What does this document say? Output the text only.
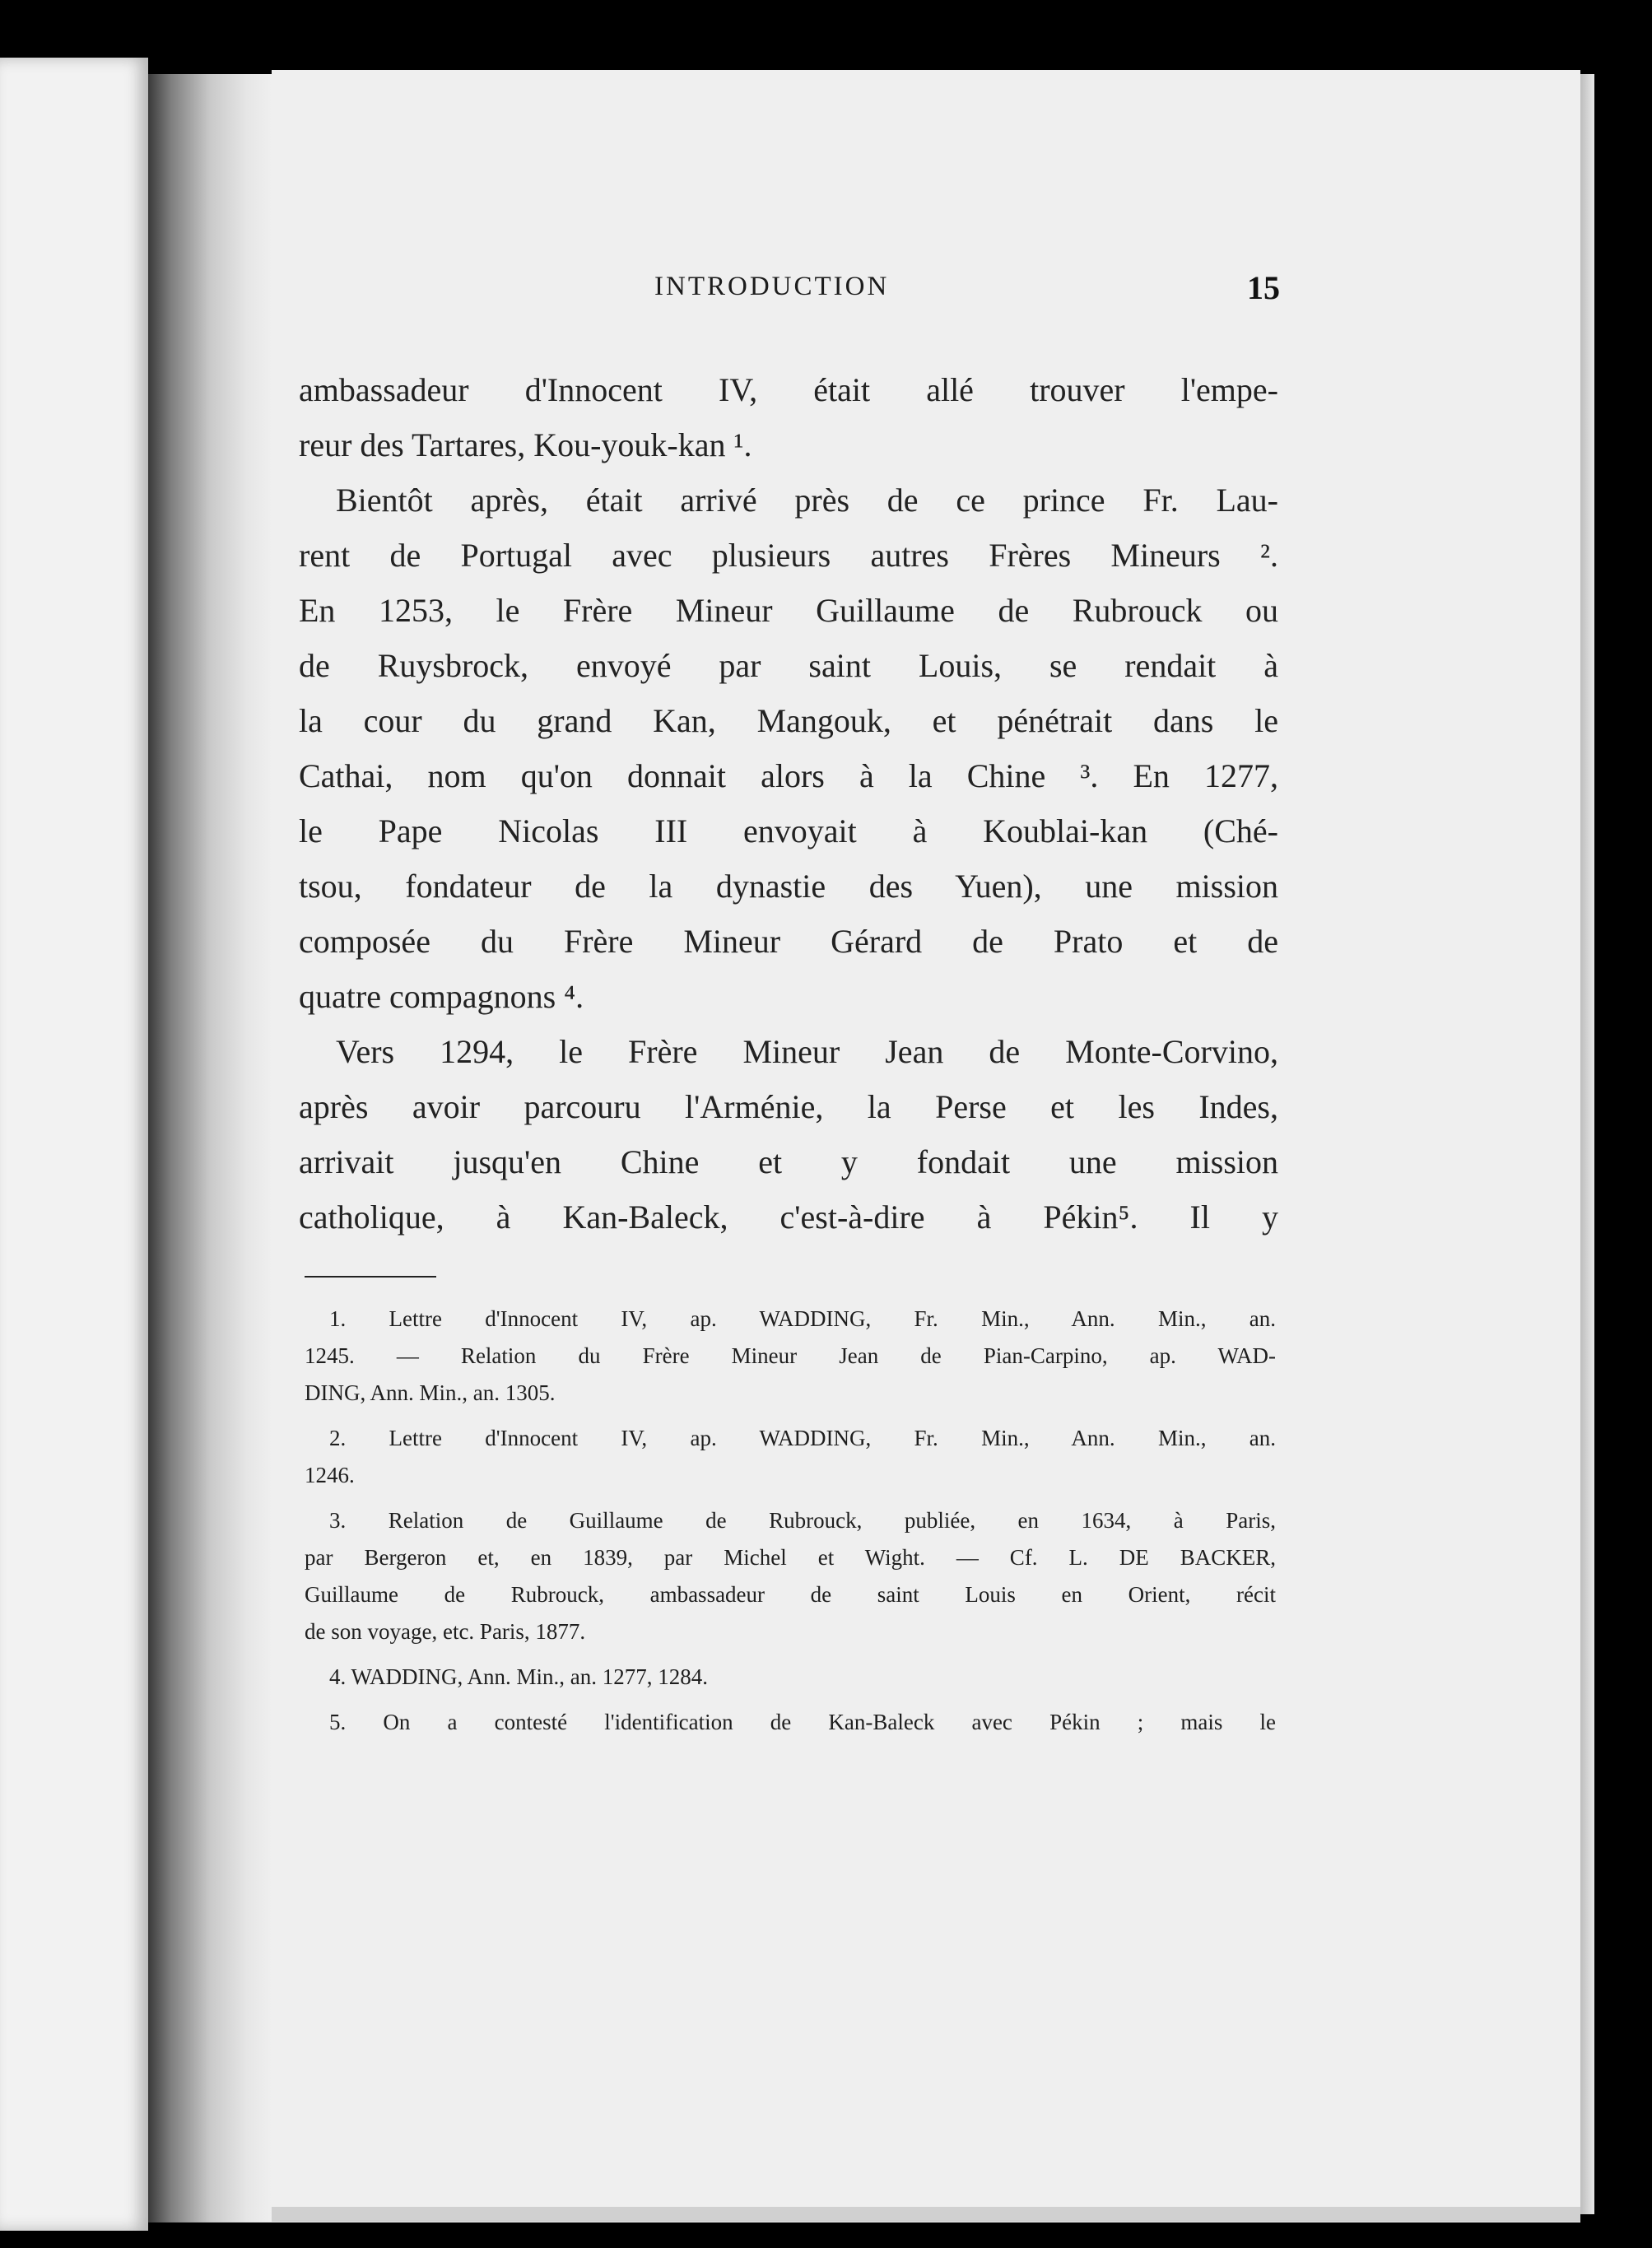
INTRODUCTION	15
ambassadeur d'Innocent IV, était allé trouver l'empe-
reur des Tartares, Kou-youk-kan ¹.
Bientôt après, était arrivé près de ce prince Fr. Lau-
rent de Portugal avec plusieurs autres Frères Mineurs ².
En 1253, le Frère Mineur Guillaume de Rubrouck ou
de Ruysbrock, envoyé par saint Louis, se rendait à
la cour du grand Kan, Mangouk, et pénétrait dans le
Cathai, nom qu'on donnait alors à la Chine ³. En 1277,
le Pape Nicolas III envoyait à Koublai-kan (Ché-
tsou, fondateur de la dynastie des Yuen), une mission
composée du Frère Mineur Gérard de Prato et de
quatre compagnons ⁴.
Vers 1294, le Frère Mineur Jean de Monte-Corvino,
après avoir parcouru l'Arménie, la Perse et les Indes,
arrivait jusqu'en Chine et y fondait une mission
catholique, à Kan-Baleck, c'est-à-dire à Pékin⁵. Il y
1. Lettre d'Innocent IV, ap. WADDING, Fr. Min., Ann. Min., an.
1245. — Relation du Frère Mineur Jean de Pian-Carpino, ap. WAD-
DING, Ann. Min., an. 1305.
2. Lettre d'Innocent IV, ap. WADDING, Fr. Min., Ann. Min., an.
1246.
3. Relation de Guillaume de Rubrouck, publiée, en 1634, à Paris,
par Bergeron et, en 1839, par Michel et Wight. — Cf. L. DE BACKER,
Guillaume de Rubrouck, ambassadeur de saint Louis en Orient, récit
de son voyage, etc. Paris, 1877.
4. WADDING, Ann. Min., an. 1277, 1284.
5. On a contesté l'identification de Kan-Baleck avec Pékin ; mais le
